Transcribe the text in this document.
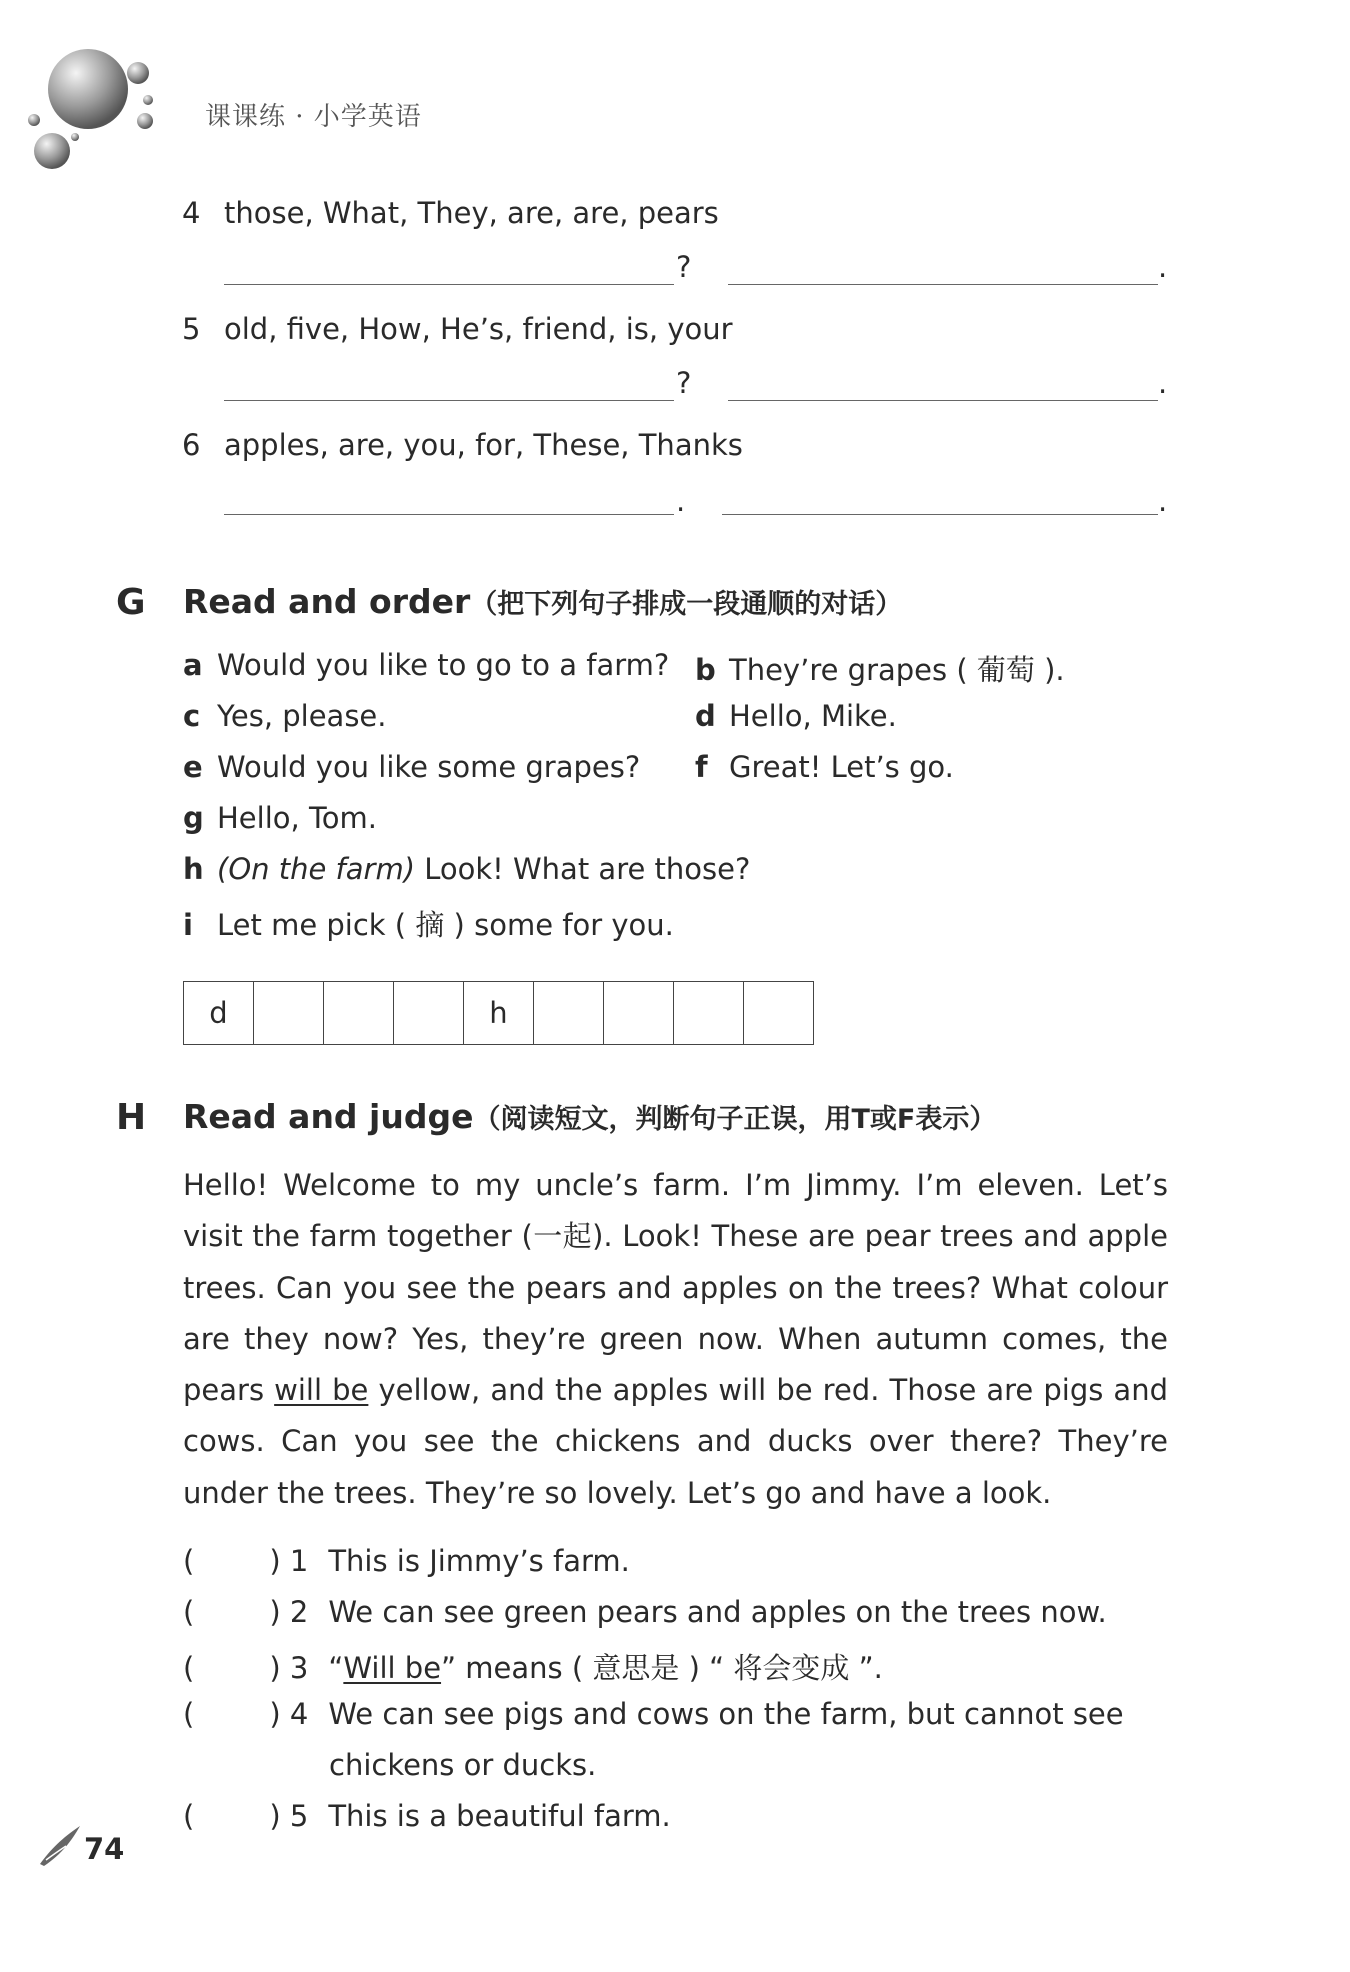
课课练 · 小学英语
4 those, What, They, are, are, pears
?	.
5 old, five, How, He’s, friend, is, your
?	.
6 apples, are, you, for, These, Thanks
.	.
G Read and order（把下列句子排成一段通顺的对话）
a Would you like to go to a farm? b They’re grapes ( 葡萄 ).
c Yes, please.	d Hello, Mike.
e Would you like some grapes? f Great! Let’s go.
g Hello, Tom.
h (On the farm) Look! What are those?
i Let me pick ( 摘 ) some for you.
d	h
H Read and judge（阅读短文，判断句子正误，用T或F表示）
Hello! Welcome to my uncle’s farm. I’m Jimmy. I’m eleven. Let’s visit the farm together (一起). Look! These are pear trees and apple trees. Can you see the pears and apples on the trees? What colour are they now? Yes, they’re green now. When autumn comes, the pears will be yellow, and the apples will be red. Those are pigs and cows. Can you see the chickens and ducks over there? They’re under the trees. They’re so lovely. Let’s go and have a look.
(	) 1 This is Jimmy’s farm.
(	) 2 We can see green pears and apples on the trees now.
(	) 3 “Will be” means ( 意思是 ) “ 将会变成 ”.
(	) 4 We can see pigs and cows on the farm, but cannot see
chickens or ducks.
(	) 5 This is a beautiful farm.
74
